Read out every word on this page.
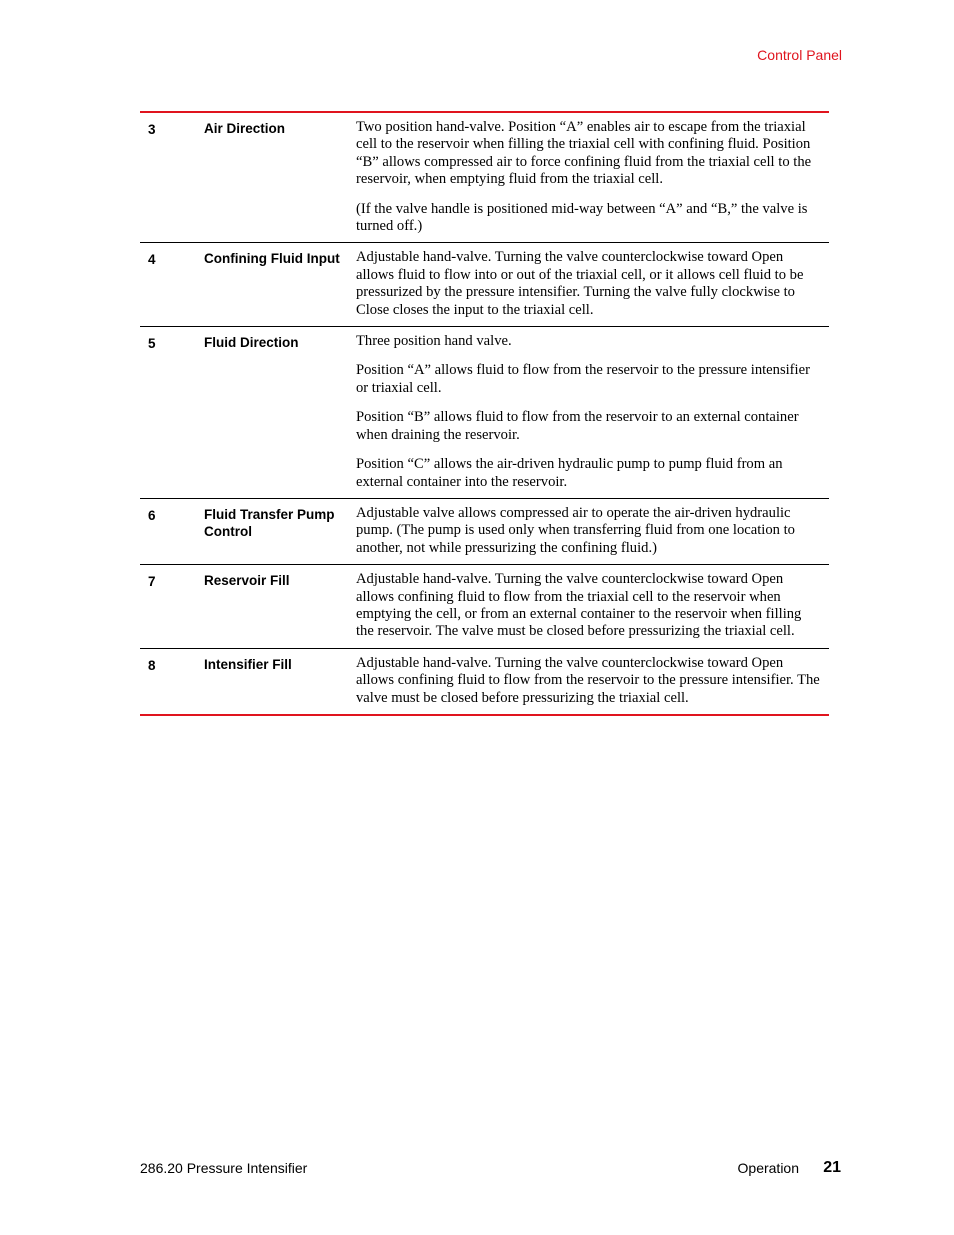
Control Panel
3	Air Direction	Two position hand-valve. Position “A” enables air to escape from the triaxial cell to the reservoir when filling the triaxial cell with confining fluid. Position “B” allows compressed air to force confining fluid from the triaxial cell to the reservoir, when emptying fluid from the triaxial cell.

(If the valve handle is positioned mid-way between “A” and “B,” the valve is turned off.)

4	Confining Fluid Input	Adjustable hand-valve. Turning the valve counterclockwise toward Open allows fluid to flow into or out of the triaxial cell, or it allows cell fluid to be pressurized by the pressure intensifier. Turning the valve fully clockwise to Close closes the input to the triaxial cell.

5	Fluid Direction	Three position hand valve.

Position “A” allows fluid to flow from the reservoir to the pressure intensifier or triaxial cell.

Position “B” allows fluid to flow from the reservoir to an external container when draining the reservoir.

Position “C” allows the air-driven hydraulic pump to pump fluid from an external container into the reservoir.

6	Fluid Transfer Pump Control	Adjustable valve allows compressed air to operate the air-driven hydraulic pump. (The pump is used only when transferring fluid from one location to another, not while pressurizing the confining fluid.)

7	Reservoir Fill	Adjustable hand-valve. Turning the valve counterclockwise toward Open allows confining fluid to flow from the triaxial cell to the reservoir when emptying the cell, or from an external container to the reservoir when filling the reservoir. The valve must be closed before pressurizing the triaxial cell.

8	Intensifier Fill	Adjustable hand-valve. Turning the valve counterclockwise toward Open allows confining fluid to flow from the reservoir to the pressure intensifier. The valve must be closed before pressurizing the triaxial cell.

286.20 Pressure Intensifier	Operation 21
